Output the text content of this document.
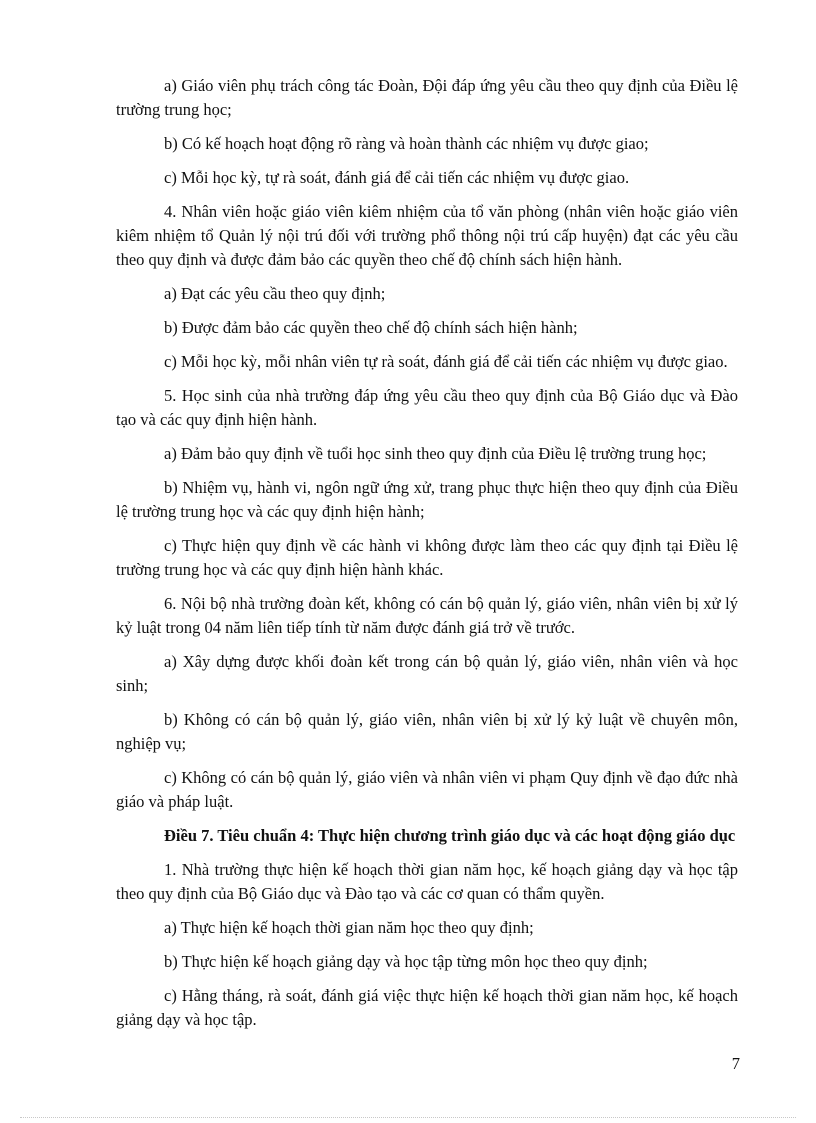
a) Giáo viên phụ trách công tác Đoàn, Đội đáp ứng yêu cầu theo quy định của Điều lệ trường trung học;

b) Có kế hoạch hoạt động rõ ràng và hoàn thành các nhiệm vụ được giao;

c) Mỗi học kỳ, tự rà soát, đánh giá để cải tiến các nhiệm vụ được giao.

4. Nhân viên hoặc giáo viên kiêm nhiệm của tổ văn phòng (nhân viên hoặc giáo viên kiêm nhiệm tổ Quản lý nội trú đối với trường phổ thông nội trú cấp huyện) đạt các yêu cầu theo quy định và được đảm bảo các quyền theo chế độ chính sách hiện hành.

a) Đạt các yêu cầu theo quy định;

b) Được đảm bảo các quyền theo chế độ chính sách hiện hành;

c) Mỗi học kỳ, mỗi nhân viên tự rà soát, đánh giá để cải tiến các nhiệm vụ được giao.

5. Học sinh của nhà trường đáp ứng yêu cầu theo quy định của Bộ Giáo dục và Đào tạo và các quy định hiện hành.

a) Đảm bảo quy định về tuổi học sinh theo quy định của Điều lệ trường trung học;

b) Nhiệm vụ, hành vi, ngôn ngữ ứng xử, trang phục thực hiện theo quy định của Điều lệ trường trung học và các quy định hiện hành;

c) Thực hiện quy định về các hành vi không được làm theo các quy định tại Điều lệ trường trung học và các quy định hiện hành khác.

6. Nội bộ nhà trường đoàn kết, không có cán bộ quản lý, giáo viên, nhân viên bị xử lý kỷ luật trong 04 năm liên tiếp tính từ năm được đánh giá trở về trước.

a) Xây dựng được khối đoàn kết trong cán bộ quản lý, giáo viên, nhân viên và học sinh;

b) Không có cán bộ quản lý, giáo viên, nhân viên bị xử lý kỷ luật về chuyên môn, nghiệp vụ;

c) Không có cán bộ quản lý, giáo viên và nhân viên vi phạm Quy định về đạo đức nhà giáo và pháp luật.

Điều 7. Tiêu chuẩn 4: Thực hiện chương trình giáo dục và các hoạt động giáo dục

1. Nhà trường thực hiện kế hoạch thời gian năm học, kế hoạch giảng dạy và học tập theo quy định của Bộ Giáo dục và Đào tạo và các cơ quan có thẩm quyền.

a) Thực hiện kế hoạch thời gian năm học theo quy định;

b) Thực hiện kế hoạch giảng dạy và học tập từng môn học theo quy định;

c) Hằng tháng, rà soát, đánh giá việc thực hiện kế hoạch thời gian năm học, kế hoạch giảng dạy và học tập.

7
